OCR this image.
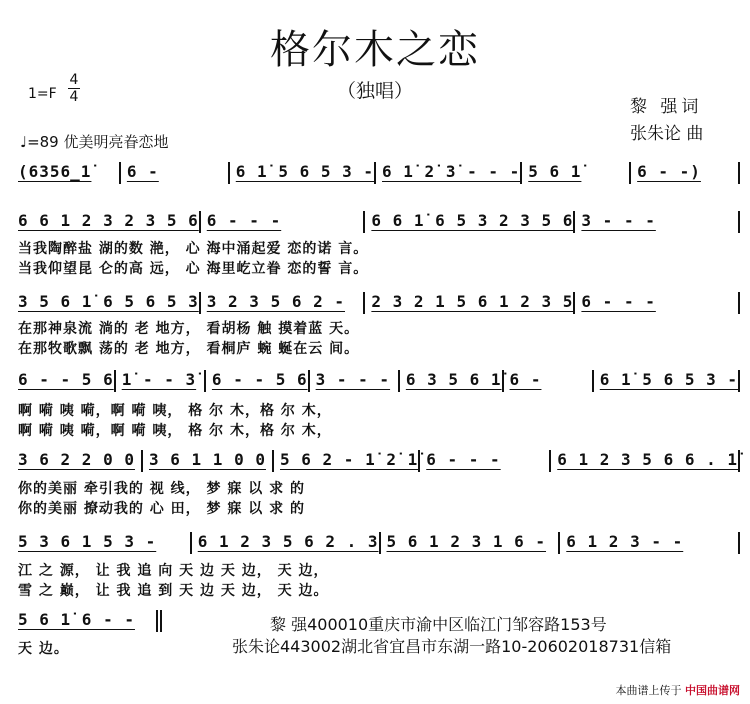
格尔木之恋
（独唱）
1=F
4
4
♩=89 优美明亮眷恋地
黎 强词
张朱论 曲
(6356̲1̇	6 -	6 1̇ 5 6 5 3 - 6 1̇ 2̇ 3̇ - - - 5 6 1̇	6 - -)
6 6 1 2 3 2 3 5 6 6 - - -	6 6 1̇ 6 5 3 2 3 5 6 3 - - -
当我陶醉盐 湖的数 滟， 心 海中涌起爱 恋的诺 言。
当我仰望昆 仑的高 远， 心 海里屹立眷 恋的誓 言。
3 5 6 1̇ 6 5 6 5 3 3 2 3 5 6 2 -	2 3 2 1 5 6 1 2 3 5 6 - - -
在那神泉流 淌的 老 地方， 看胡杨 触 摸着蓝 天。
在那牧歌飘 荡的 老 地方， 看桐庐 蜿 蜒在云 间。
6 - - 5 6 1̇ - - 3̇ 6 - - 5 6 3 - - - 6 3 5 6 1̇ 6 -	6 1̇ 5 6 5 3 -
啊 嗬 咦 嗬，啊 嗬 咦， 格 尔 木，格 尔 木，
啊 嗬 咦 嗬，啊 嗬 咦， 格 尔 木，格 尔 木，
3 6 2 2 0 0 3 6 1 1 0 0 5 6 2 - 1̇ 2̇ 1̇ 6 - - -	6 1 2 3 5 6 6 . 1̇
你的美丽 牵引我的 视 线， 梦 寐 以 求 的
你的美丽 撩动我的 心 田， 梦 寐 以 求 的
5 3 6 1 5 3 -	6 1 2 3 5 6 2 . 3 5 6 1 2 3 1 6 -	6 1 2 3 - -
江 之 源， 让 我 追 向 天 边 天 边， 天 边，
雪 之 巅， 让 我 追 到 天 边 天 边， 天 边。
5 6 1̇ 6 - -
天 边。
黎 强400010重庆市渝中区临江门邹容路153号
张朱论443002湖北省宜昌市东湖一路10-20602018731信箱
本曲谱上传于 中国曲谱网
